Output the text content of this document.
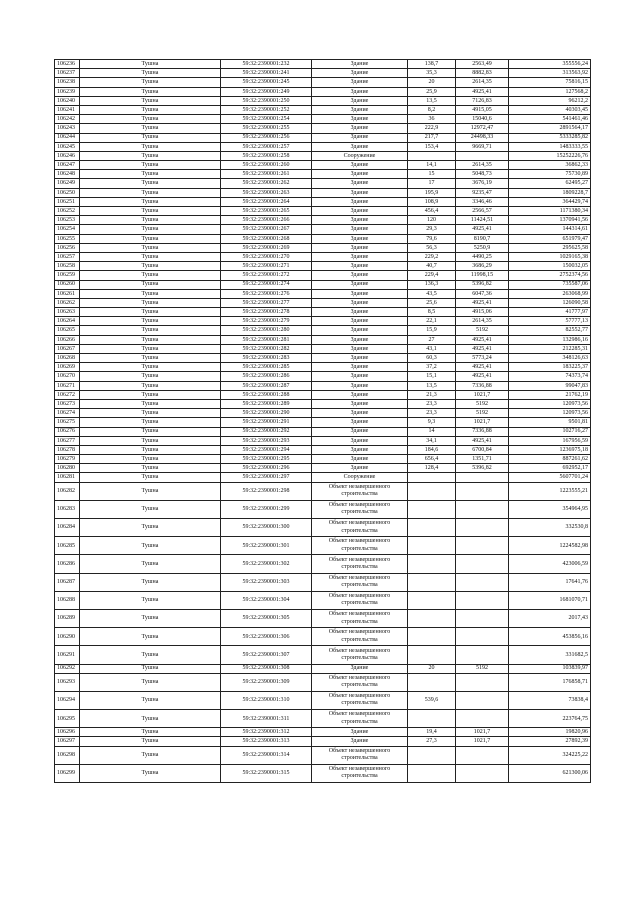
106236	Тушна	59:32:2390001:232	Здание	138,7	2563,49	355556,24
106237	Тушна	59:32:2390001:241	Здание	35,3	8882,83	313563,92
106238	Тушна	59:32:2390001:245	Здание	20	2614,35	75816,15
106239	Тушна	59:32:2390001:249	Здание	25,9	4925,41	127568,2
106240	Тушна	59:32:2390001:250	Здание	13,5	7126,83	96212,2
106241	Тушна	59:32:2390001:252	Здание	8,2	4915,05	40303,45
106242	Тушна	59:32:2390001:254	Здание	36	15040,6	541461,46
106243	Тушна	59:32:2390001:255	Здание	222,9	12972,47	2891564,17
106244	Тушна	59:32:2390001:256	Здание	217,7	24498,33	5333285,82
106245	Тушна	59:32:2390001:257	Здание	153,4	9669,71	1483333,55
106246	Тушна	59:32:2390001:258	Сооружение			15252226,76
106247	Тушна	59:32:2390001:260	Здание	14,1	2614,35	36862,33
106248	Тушна	59:32:2390001:261	Здание	15	5048,73	75730,89
106249	Тушна	59:32:2390001:262	Здание	17	3676,19	62495,27
106250	Тушна	59:32:2390001:263	Здание	195,9	9235,47	1809228,7
106251	Тушна	59:32:2390001:264	Здание	108,9	3346,46	364429,74
106252	Тушна	59:32:2390001:265	Здание	456,4	2566,57	1171380,34
106253	Тушна	59:32:2390001:266	Здание	120	11424,51	1370941,56
106254	Тушна	59:32:2390001:267	Здание	29,3	4925,41	144314,61
106255	Тушна	59:32:2390001:268	Здание	79,6	8190,7	651979,47
106256	Тушна	59:32:2390001:269	Здание	56,3	5250,9	295625,58
106257	Тушна	59:32:2390001:270	Здание	229,2	4490,25	1029165,38
106258	Тушна	59:32:2390001:271	Здание	40,7	3686,29	150032,05
106259	Тушна	59:32:2390001:272	Здание	229,4	11998,15	2752374,56
106260	Тушна	59:32:2390001:274	Здание	136,3	5396,82	735587,06
106261	Тушна	59:32:2390001:276	Здание	43,5	6047,36	263068,99
106262	Тушна	59:32:2390001:277	Здание	25,6	4925,41	126090,58
106263	Тушна	59:32:2390001:278	Здание	8,5	4915,06	41777,97
106264	Тушна	59:32:2390001:279	Здание	22,1	2614,35	57777,13
106265	Тушна	59:32:2390001:280	Здание	15,9	5192	82552,77
106266	Тушна	59:32:2390001:281	Здание	27	4925,41	132986,16
106267	Тушна	59:32:2390001:282	Здание	43,1	4925,41	212285,31
106268	Тушна	59:32:2390001:283	Здание	60,3	5773,24	348126,63
106269	Тушна	59:32:2390001:285	Здание	37,2	4925,41	183225,37
106270	Тушна	59:32:2390001:286	Здание	15,1	4925,41	74373,74
106271	Тушна	59:32:2390001:287	Здание	13,5	7336,88	99047,83
106272	Тушна	59:32:2390001:288	Здание	21,3	1021,7	21762,19
106273	Тушна	59:32:2390001:289	Здание	23,3	5192	120973,56
106274	Тушна	59:32:2390001:290	Здание	23,3	5192	120973,56
106275	Тушна	59:32:2390001:291	Здание	9,3	1021,7	9501,81
106276	Тушна	59:32:2390001:292	Здание	14	7336,88	102716,27
106277	Тушна	59:32:2390001:293	Здание	34,1	4925,41	167956,59
106278	Тушна	59:32:2390001:294	Здание	184,6	6700,84	1236975,18
106279	Тушна	59:32:2390001:295	Здание	656,4	1351,71	887261,62
106280	Тушна	59:32:2390001:296	Здание	128,4	5396,82	692952,17
106281	Тушна	59:32:2390001:297	Сооружение			5607701,24
106282	Тушна	59:32:2390001:298	Объект незавершенного строительства			1223555,21
106283	Тушна	59:32:2390001:299	Объект незавершенного строительства			354964,95
106284	Тушна	59:32:2390001:300	Объект незавершенного строительства			332530,8
106285	Тушна	59:32:2390001:301	Объект незавершенного строительства			1224582,98
106286	Тушна	59:32:2390001:302	Объект незавершенного строительства			423006,59
106287	Тушна	59:32:2390001:303	Объект незавершенного строительства			17641,76
106288	Тушна	59:32:2390001:304	Объект незавершенного строительства			1681070,71
106289	Тушна	59:32:2390001:305	Объект незавершенного строительства			2017,43
106290	Тушна	59:32:2390001:306	Объект незавершенного строительства			453856,16
106291	Тушна	59:32:2390001:307	Объект незавершенного строительства			331682,5
106292	Тушна	59:32:2390001:308	Здание	20	5192	103839,97
106293	Тушна	59:32:2390001:309	Объект незавершенного строительства			176858,71
106294	Тушна	59:32:2390001:310	Объект незавершенного строительства	539,6		73838,4
106295	Тушна	59:32:2390001:311	Объект незавершенного строительства			223764,75
106296	Тушна	59:32:2390001:312	Здание	19,4	1021,7	19820,96
106297	Тушна	59:32:2390001:313	Здание	27,3	1021,7	27892,39
106298	Тушна	59:32:2390001:314	Объект незавершенного строительства			324225,22
106299	Тушна	59:32:2390001:315	Объект незавершенного строительства			621300,06
